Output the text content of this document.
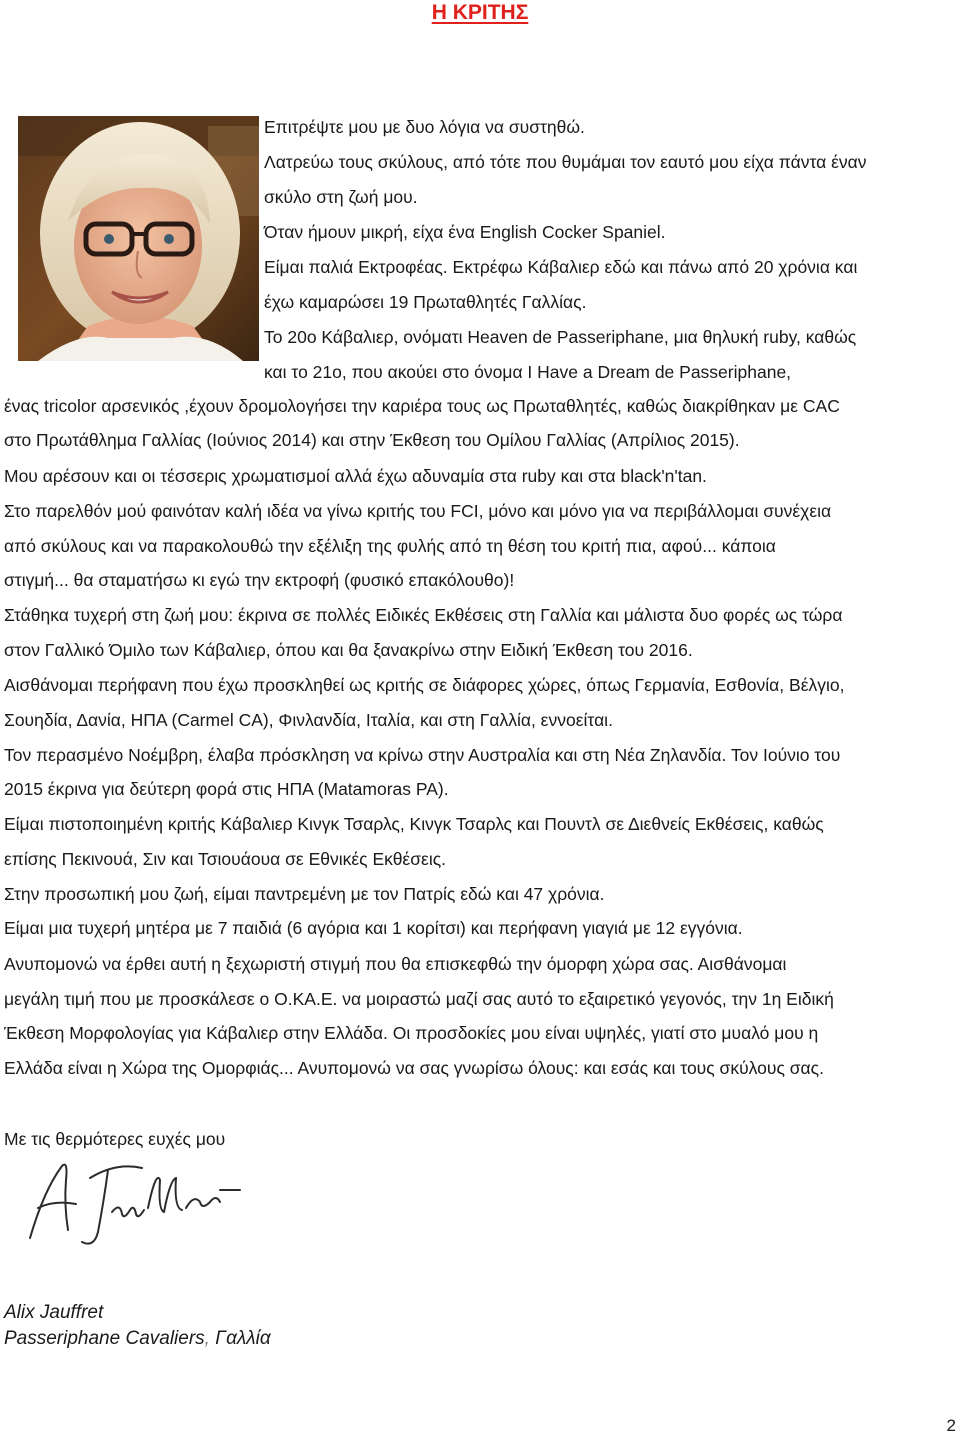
Η ΚΡΙΤΗΣ
Επιτρέψτε μου με δυο λόγια να συστηθώ.
Λατρεύω τους σκύλους, από τότε που θυμάμαι τον εαυτό μου είχα πάντα έναν
σκύλο στη ζωή μου.
Όταν ήμουν μικρή, είχα ένα English Cocker Spaniel.
Είμαι παλιά Εκτροφέας. Εκτρέφω Κάβαλιερ εδώ και πάνω από 20 χρόνια και
έχω καμαρώσει 19 Πρωταθλητές Γαλλίας.
Το 20ο Κάβαλιερ, ονόματι Heaven de Passeriphane, μια θηλυκή ruby, καθώς
και το 21ο, που ακούει στο όνομα I Have a Dream de Passeriphane,
ένας tricolor αρσενικός ,έχουν δρομολογήσει την καριέρα τους ως Πρωταθλητές, καθώς διακρίθηκαν με CAC
στο Πρωτάθλημα Γαλλίας (Ιούνιος 2014) και στην Έκθεση του Ομίλου Γαλλίας (Απρίλιος 2015).
Μου αρέσουν και οι τέσσερις χρωματισμοί αλλά έχω αδυναμία στα ruby και στα black'n'tan.
Στο παρελθόν μού φαινόταν καλή ιδέα να γίνω κριτής του FCI, μόνο και μόνο για να περιβάλλομαι συνέχεια
από σκύλους και να παρακολουθώ την εξέλιξη της φυλής από τη θέση του κριτή πια, αφού... κάποια
στιγμή... θα σταματήσω κι εγώ την εκτροφή (φυσικό επακόλουθο)!
Στάθηκα τυχερή στη ζωή μου: έκρινα σε πολλές Ειδικές Εκθέσεις στη Γαλλία και μάλιστα δυο φορές ως τώρα
στον Γαλλικό Όμιλο των Κάβαλιερ, όπου και θα ξανακρίνω στην Ειδική Έκθεση του 2016.
Αισθάνομαι περήφανη που έχω προσκληθεί ως κριτής σε διάφορες χώρες, όπως Γερμανία, Εσθονία, Βέλγιο,
Σουηδία, Δανία, ΗΠΑ (Carmel CA), Φινλανδία, Ιταλία, και στη Γαλλία, εννοείται.
Τον περασμένο Νοέμβρη, έλαβα πρόσκληση να κρίνω στην Αυστραλία και στη Νέα Ζηλανδία. Τον Ιούνιο του
2015 έκρινα για δεύτερη φορά στις ΗΠΑ (Matamoras PA).
Είμαι πιστοποιημένη κριτής Κάβαλιερ Κινγκ Τσαρλς, Κινγκ Τσαρλς και Πουντλ σε Διεθνείς Εκθέσεις, καθώς
επίσης Πεκινουά, Σιν και Τσιουάουα σε Εθνικές Εκθέσεις.
Στην προσωπική μου ζωή, είμαι παντρεμένη με τον Πατρίς εδώ και 47 χρόνια.
Είμαι μια τυχερή μητέρα με 7 παιδιά (6 αγόρια και 1 κορίτσι) και περήφανη γιαγιά με 12 εγγόνια.
Ανυπομονώ να έρθει αυτή η ξεχωριστή στιγμή που θα επισκεφθώ την όμορφη χώρα σας. Αισθάνομαι
μεγάλη τιμή που με προσκάλεσε ο Ο.ΚΑ.Ε. να μοιραστώ μαζί σας αυτό το εξαιρετικό γεγονός, την 1η Ειδική
Έκθεση Μορφολογίας για Κάβαλιερ στην Ελλάδα. Οι προσδοκίες μου είναι υψηλές, γιατί στο μυαλό μου η
Ελλάδα είναι η Χώρα της Ομορφιάς... Ανυπομονώ να σας γνωρίσω όλους: και εσάς και τους σκύλους σας.
Με τις θερμότερες ευχές μου
Alix Jauffret
Passeriphane Cavaliers, Γαλλία
2
